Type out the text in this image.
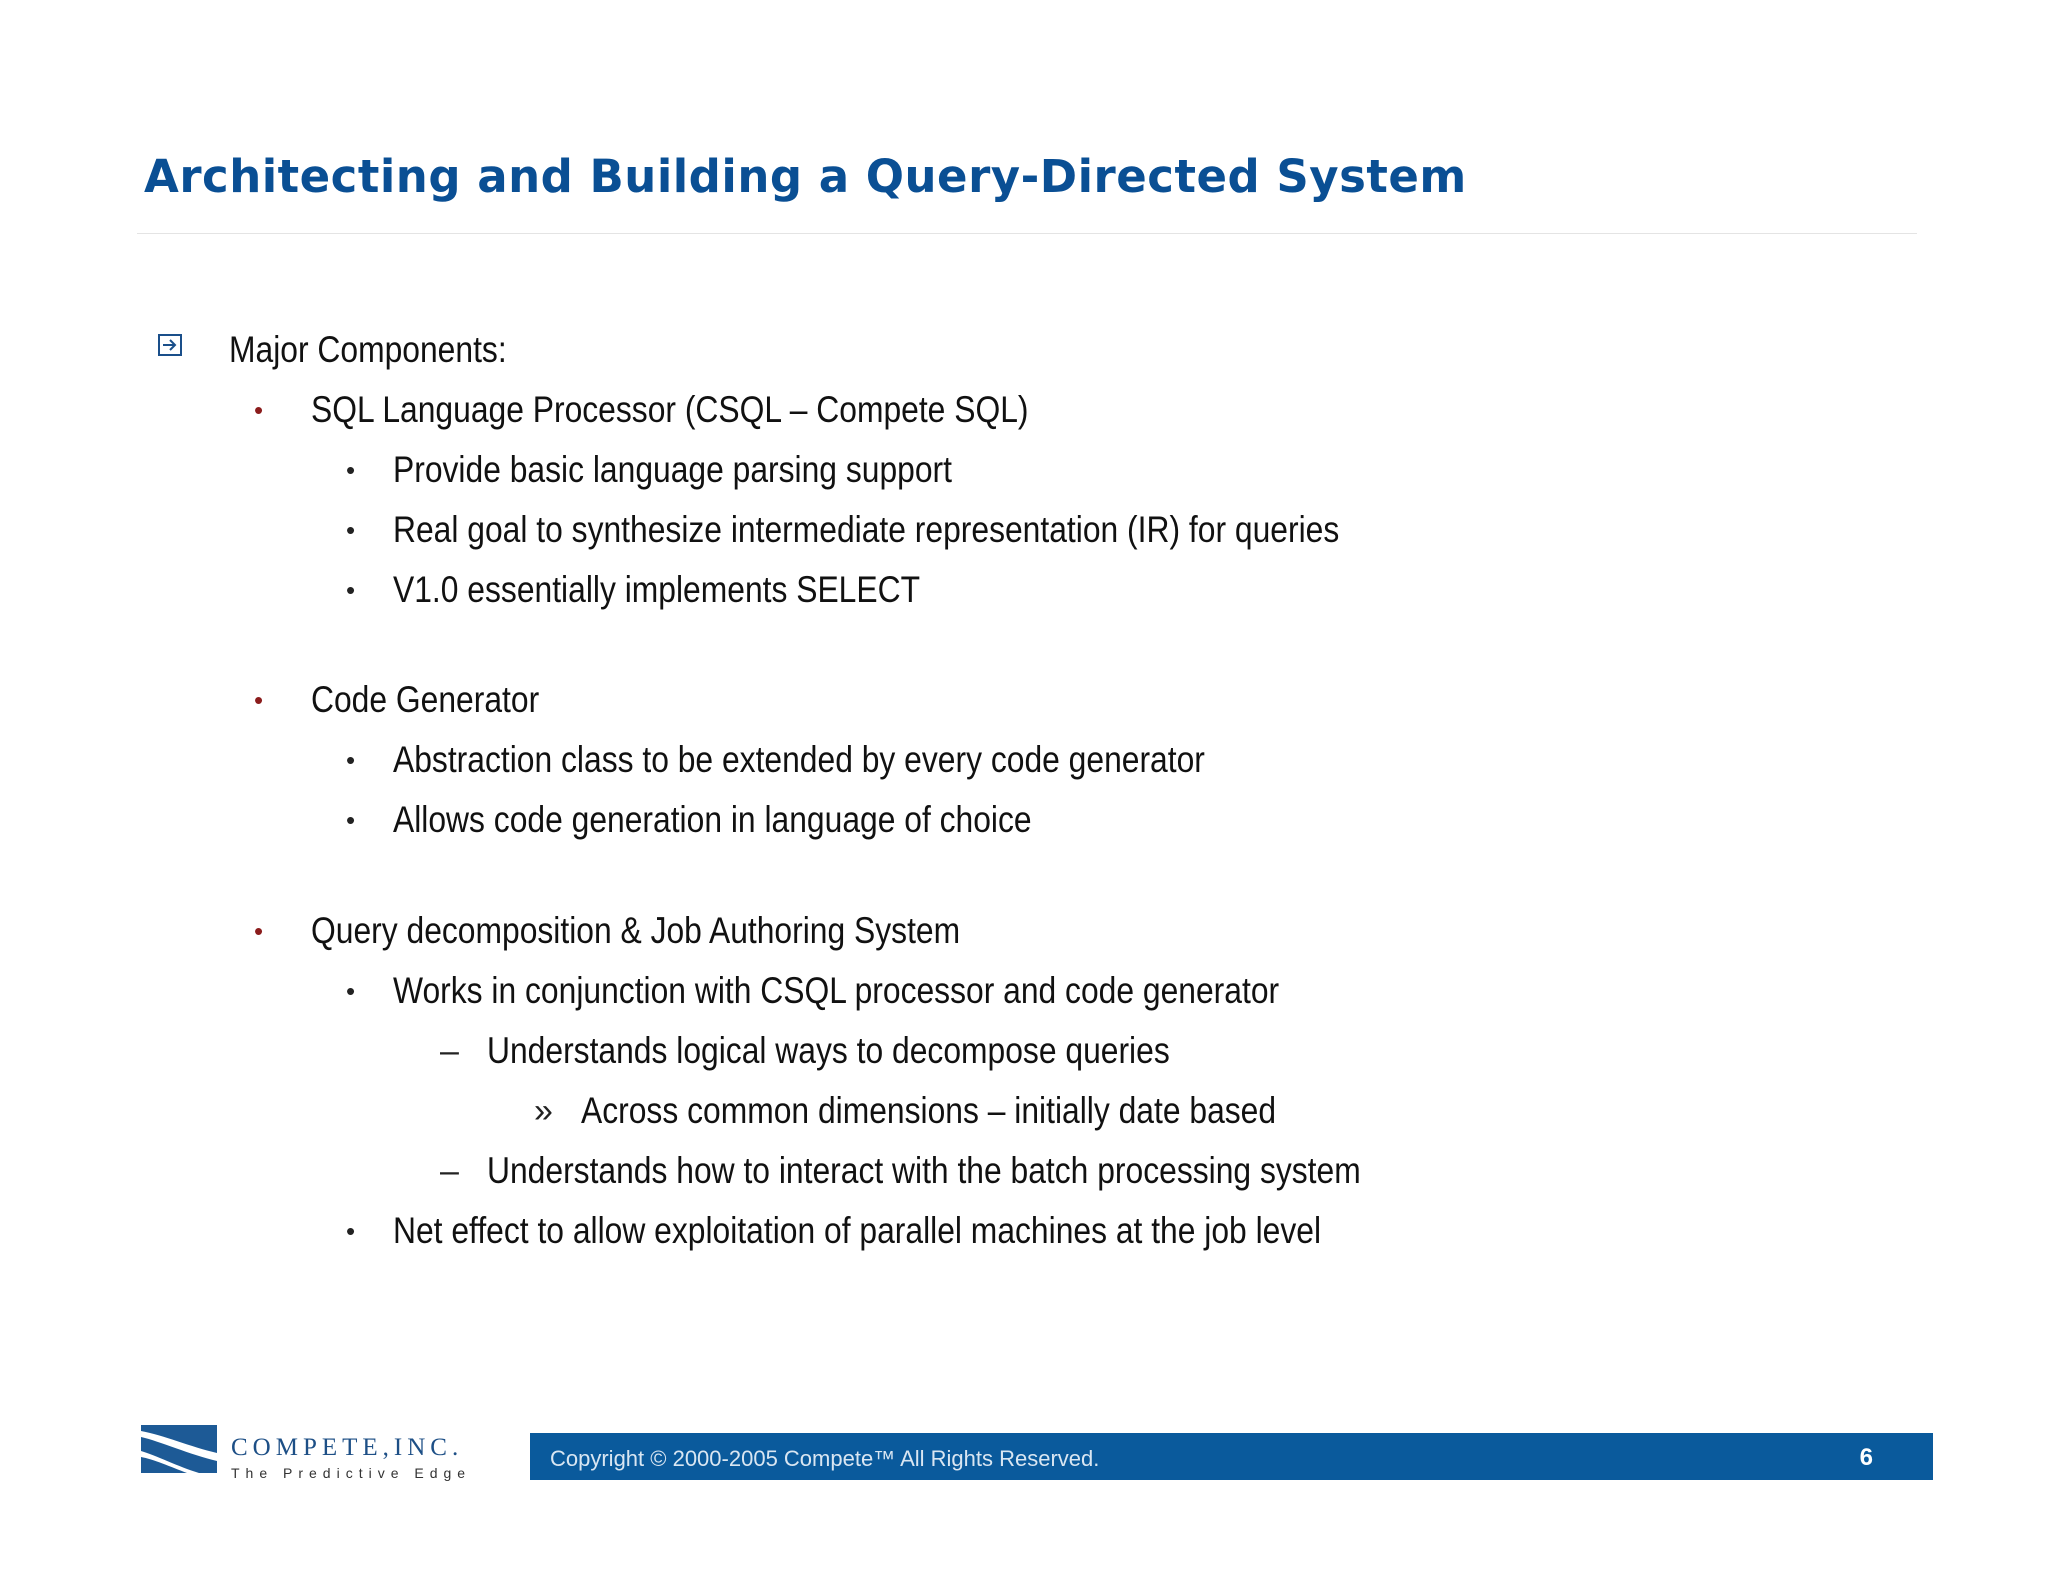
Architecting and Building a Query-Directed System
Major Components:
• SQL Language Processor (CSQL – Compete SQL)
• Provide basic language parsing support
• Real goal to synthesize intermediate representation (IR) for queries
• V1.0 essentially implements SELECT
• Code Generator
• Abstraction class to be extended by every code generator
• Allows code generation in language of choice
• Query decomposition & Job Authoring System
• Works in conjunction with CSQL processor and code generator
– Understands logical ways to decompose queries
» Across common dimensions – initially date based
– Understands how to interact with the batch processing system
• Net effect to allow exploitation of parallel machines at the job level
COMPETE,INC.
The Predictive Edge
Copyright © 2000-2005 Compete™ All Rights Reserved.	6
